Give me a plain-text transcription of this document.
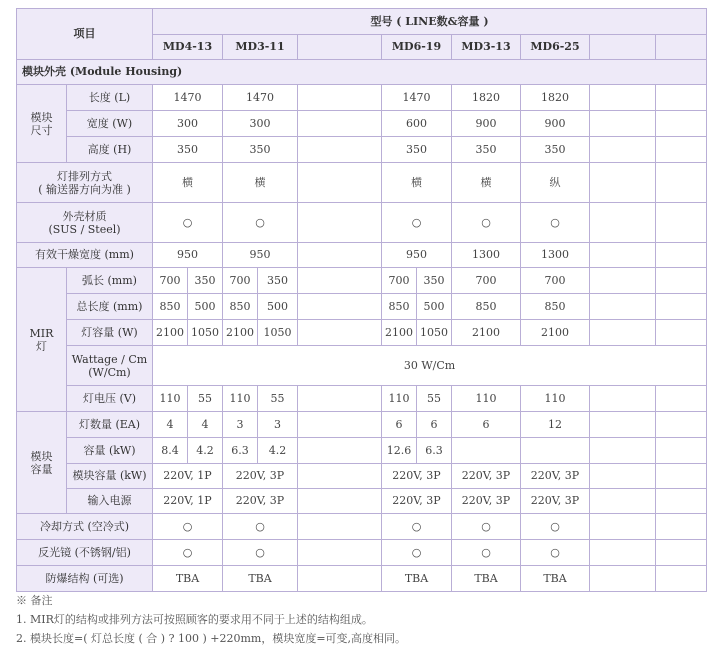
项目		型号 ( LINE数&容量 )										
		MD4-13		MD3-11			MD6-19		MD3-13	MD6-25		
模块外壳 (Module Housing)												
模块尺寸	长度 (L)	1470		1470			1470		1820	1820		
	宽度 (W)	300		300			600		900	900		
	高度 (H)	350		350			350		350	350		
灯排列方式
( 输送器方向为准 )		横		横			横		横	纵		
外壳材质
(SUS / Steel)		○		○			○		○	○		
有效干燥宽度 (mm)		950		950			950		1300	1300		
MIR灯	弧长 (mm)	700	350	700	350		700	350	700	700		
	总长度 (mm)	850	500	850	500		850	500	850	850		
	灯容量 (W)	2100	1050	2100	1050		2100	1050	2100	2100		
	Wattage / Cm
(W/Cm)	30 W/Cm										
	灯电压 (V)	110	55	110	55		110	55	110	110		
模块容量	灯数量 (EA)	4	4	3	3		6	6	6	12		
	容量 (kW)	8.4	4.2	6.3	4.2		12.6	6.3				
	模块容量 (kW)	220V, 1P		220V, 3P			220V, 3P		220V, 3P	220V, 3P		
	输入电源	220V, 1P		220V, 3P			220V, 3P		220V, 3P	220V, 3P		
冷却方式 (空冷式)		○		○			○		○	○		
反光镜 (不锈钢/铝)		○		○			○		○	○		
防爆结构 (可选)		TBA		TBA			TBA		TBA	TBA		
※ 备注
1. MIR灯的结构或排列方法可按照顾客的要求用不同于上述的结构组成。
2. 模块长度=( 灯总长度 ( 合 ) ? 100 ) +220mm，模块宽度=可变,高度相同。
